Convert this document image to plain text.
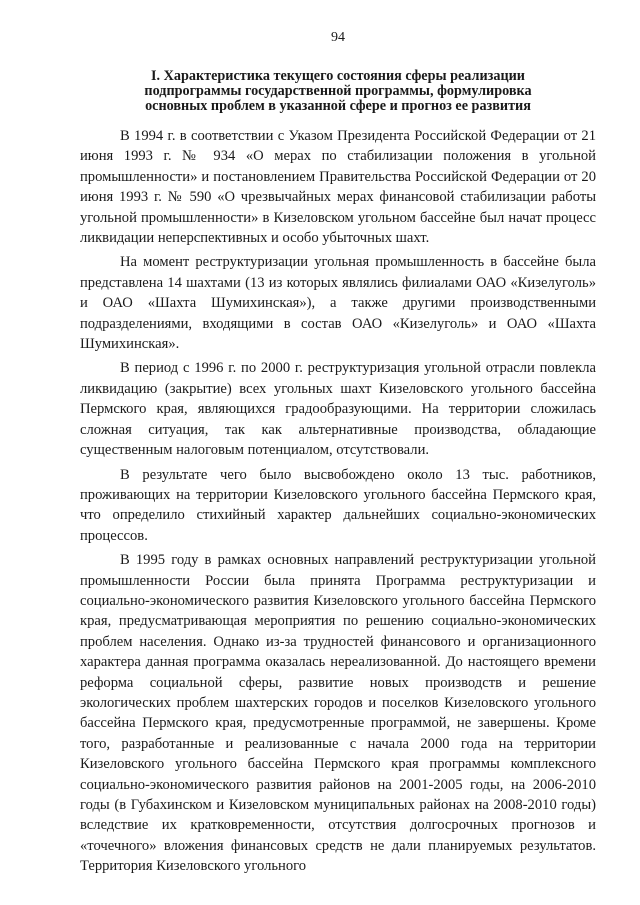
94
I. Характеристика текущего состояния сферы реализации
подпрограммы государственной программы, формулировка
основных проблем в указанной сфере и прогноз ее развития

В 1994 г. в соответствии с Указом Президента Российской Федерации от 21 июня 1993 г. № 934 «О мерах по стабилизации положения в угольной промышленности» и постановлением Правительства Российской Федерации от 20 июня 1993 г. № 590 «О чрезвычайных мерах финансовой стабилизации работы угольной промышленности» в Кизеловском угольном бассейне был начат процесс ликвидации неперспективных и особо убыточных шахт.

На момент реструктуризации угольная промышленность в бассейне была представлена 14 шахтами (13 из которых являлись филиалами ОАО «Кизелуголь» и ОАО «Шахта Шумихинская»), а также другими производственными подразделениями, входящими в состав ОАО «Кизелуголь» и ОАО «Шахта Шумихинская».

В период с 1996 г. по 2000 г. реструктуризация угольной отрасли повлекла ликвидацию (закрытие) всех угольных шахт Кизеловского угольного бассейна Пермского края, являющихся градообразующими. На территории сложилась сложная ситуация, так как альтернативные производства, обладающие существенным налоговым потенциалом, отсутствовали.

В результате чего было высвобождено около 13 тыс. работников, проживающих на территории Кизеловского угольного бассейна Пермского края, что определило стихийный характер дальнейших социально-экономических процессов.

В 1995 году в рамках основных направлений реструктуризации угольной промышленности России была принята Программа реструктуризации и социально-экономического развития Кизеловского угольного бассейна Пермского края, предусматривающая мероприятия по решению социально-экономических проблем населения. Однако из-за трудностей финансового и организационного характера данная программа оказалась нереализованной. До настоящего времени реформа социальной сферы, развитие новых производств и решение экологических проблем шахтерских городов и поселков Кизеловского угольного бассейна Пермского края, предусмотренные программой, не завершены. Кроме того, разработанные и реализованные с начала 2000 года на территории Кизеловского угольного бассейна Пермского края программы комплексного социально-экономического развития районов на 2001-2005 годы, на 2006-2010 годы (в Губахинском и Кизеловском муниципальных районах на 2008-2010 годы) вследствие их кратковременности, отсутствия долгосрочных прогнозов и «точечного» вложения финансовых средств не дали планируемых результатов. Территория Кизеловского угольного
